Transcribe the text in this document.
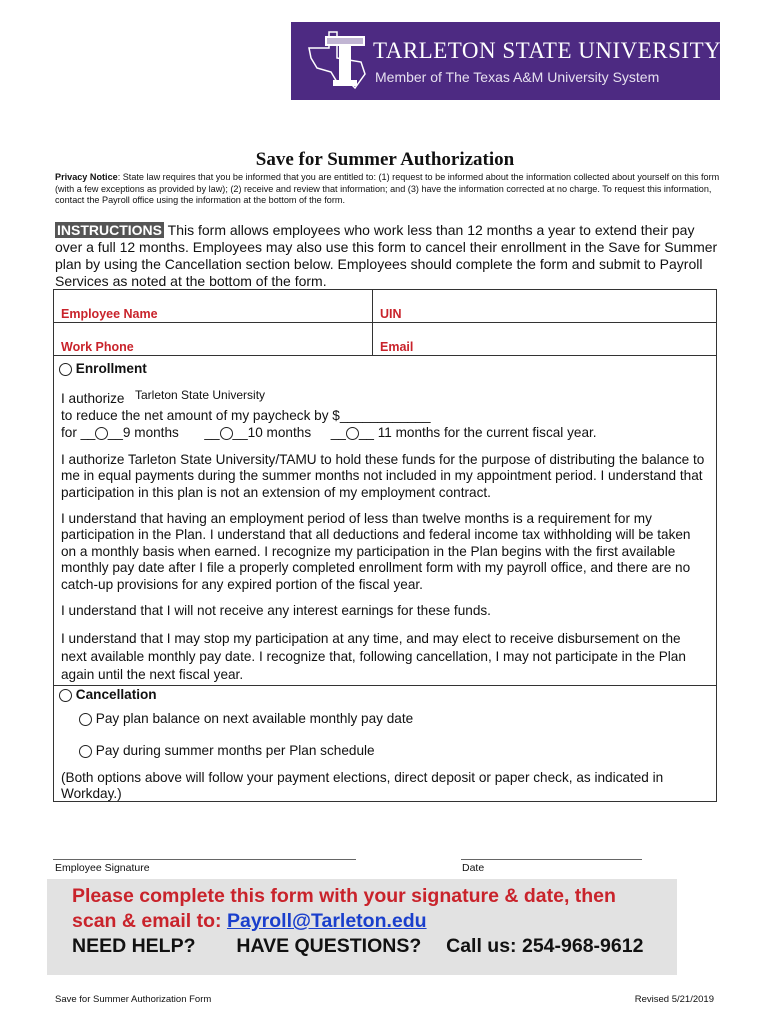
TARLETON STATE UNIVERSITY
Member of The Texas A&M University System
Save for Summer Authorization
Privacy Notice: State law requires that you be informed that you are entitled to: (1) request to be informed about the information collected about yourself on this form (with a few exceptions as provided by law); (2) receive and review that information; and (3) have the information corrected at no charge. To request this information, contact the Payroll office using the information at the bottom of the form.
INSTRUCTIONS This form allows employees who work less than 12 months a year to extend their pay over a full 12 months. Employees may also use this form to cancel their enrollment in the Save for Summer plan by using the Cancellation section below. Employees should complete the form and submit to Payroll Services as noted at the bottom of the form.
Employee Name	UIN
Work Phone	Email
Enrollment
I authorize Tarleton State University
to reduce the net amount of my paycheck by $____________
for __ __9 months __ __10 months __ __ 11 months for the current fiscal year.
I authorize Tarleton State University/TAMU to hold these funds for the purpose of distributing the balance to me in equal payments during the summer months not included in my appointment period. I understand that participation in this plan is not an extension of my employment contract.
I understand that having an employment period of less than twelve months is a requirement for my participation in the Plan. I understand that all deductions and federal income tax withholding will be taken on a monthly basis when earned. I recognize my participation in the Plan begins with the first available monthly pay date after I file a properly completed enrollment form with my payroll office, and there are no catch-up provisions for any expired portion of the fiscal year.
I understand that I will not receive any interest earnings for these funds.
I understand that I may stop my participation at any time, and may elect to receive disbursement on the next available monthly pay date. I recognize that, following cancellation, I may not participate in the Plan again until the next fiscal year.
Cancellation
Pay plan balance on next available monthly pay date
Pay during summer months per Plan schedule
(Both options above will follow your payment elections, direct deposit or paper check, as indicated in Workday.)
Employee Signature	Date
Please complete this form with your signature & date, then
scan & email to: Payroll@Tarleton.edu
NEED HELP? HAVE QUESTIONS? Call us: 254-968-9612
Save for Summer Authorization Form	Revised 5/21/2019
